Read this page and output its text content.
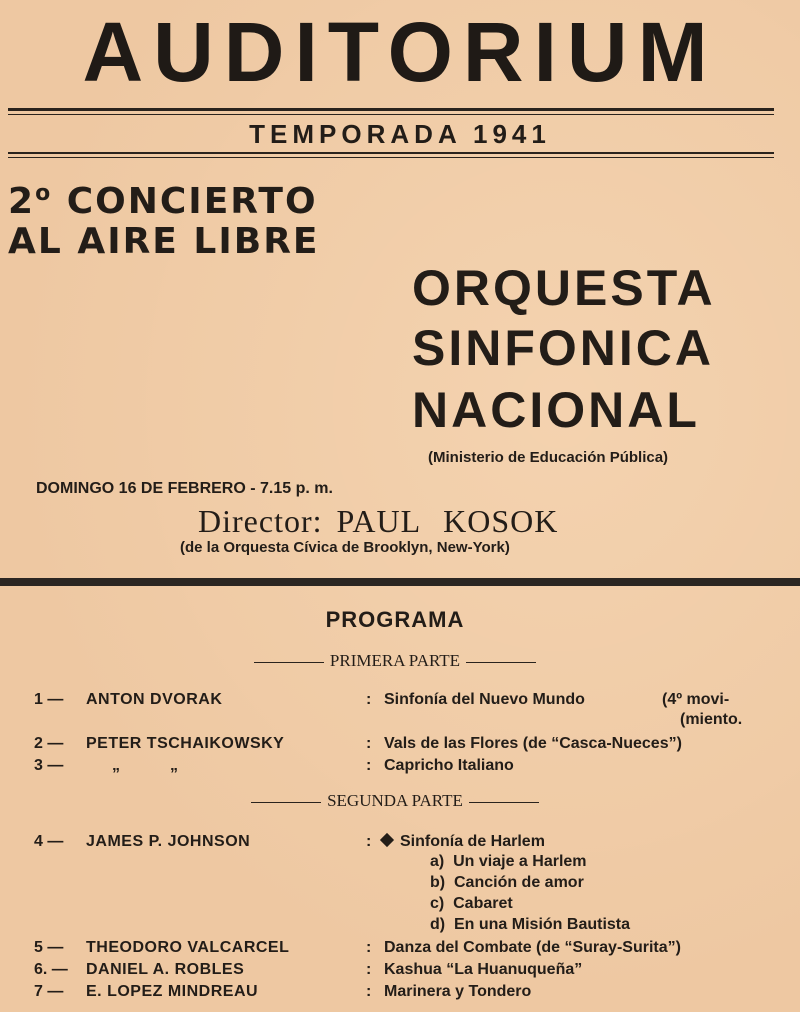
AUDITORIUM
TEMPORADA 1941
2$^o$ CONCIERTO
AL AIRE LIBRE
ORQUESTA
SINFONICA
NACIONAL
(Ministerio de Educación Pública)
DOMINGO 16 DE FEBRERO - 7.15 p. m.
Director: PAUL KOSOK
(de la Orquesta Cívica de Brooklyn, New-York)
PROGRAMA
PRIMERA PARTE
1 — ANTON DVORAK	: Sinfonía del Nuevo Mundo	(4º movi-
(miento.
2 — PETER TSCHAIKOWSKY	: Vals de las Flores (de “Casca-Nueces”)
3 —	„          „	: Capricho Italiano
SEGUNDA PARTE
4 — JAMES P. JOHNSON	:	Sinfonía de Harlem
a)  Un viaje a Harlem
b)  Canción de amor
c)  Cabaret
d)  En una Misión Bautista
5 — THEODORO VALCARCEL	: Danza del Combate (de “Suray-Surita”)
6. — DANIEL A. ROBLES	: Kashua “La Huanuqueña”
7 — E. LOPEZ MINDREAU	: Marinera y Tondero
